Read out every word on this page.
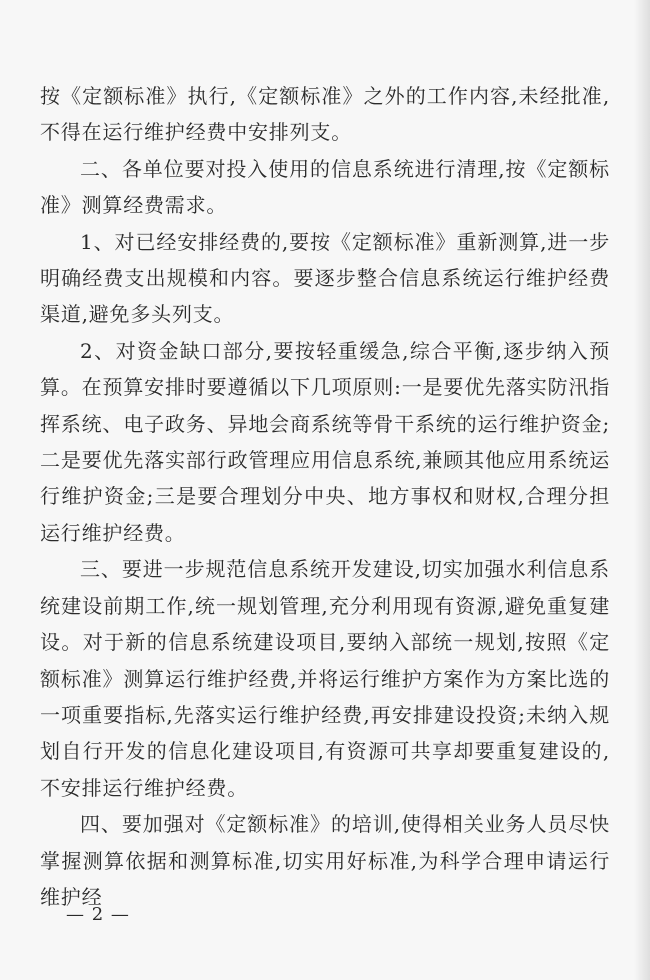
按《定额标准》执行,《定额标准》之外的工作内容,未经批准,不得在运行维护经费中安排列支。

二、各单位要对投入使用的信息系统进行清理,按《定额标准》测算经费需求。

1、对已经安排经费的,要按《定额标准》重新测算,进一步明确经费支出规模和内容。要逐步整合信息系统运行维护经费渠道,避免多头列支。

2、对资金缺口部分,要按轻重缓急,综合平衡,逐步纳入预算。在预算安排时要遵循以下几项原则:一是要优先落实防汛指挥系统、电子政务、异地会商系统等骨干系统的运行维护资金;二是要优先落实部行政管理应用信息系统,兼顾其他应用系统运行维护资金;三是要合理划分中央、地方事权和财权,合理分担运行维护经费。

三、要进一步规范信息系统开发建设,切实加强水利信息系统建设前期工作,统一规划管理,充分利用现有资源,避免重复建设。对于新的信息系统建设项目,要纳入部统一规划,按照《定额标准》测算运行维护经费,并将运行维护方案作为方案比选的一项重要指标,先落实运行维护经费,再安排建设投资;未纳入规划自行开发的信息化建设项目,有资源可共享却要重复建设的,不安排运行维护经费。

四、要加强对《定额标准》的培训,使得相关业务人员尽快掌握测算依据和测算标准,切实用好标准,为科学合理申请运行维护经

— 2 —
